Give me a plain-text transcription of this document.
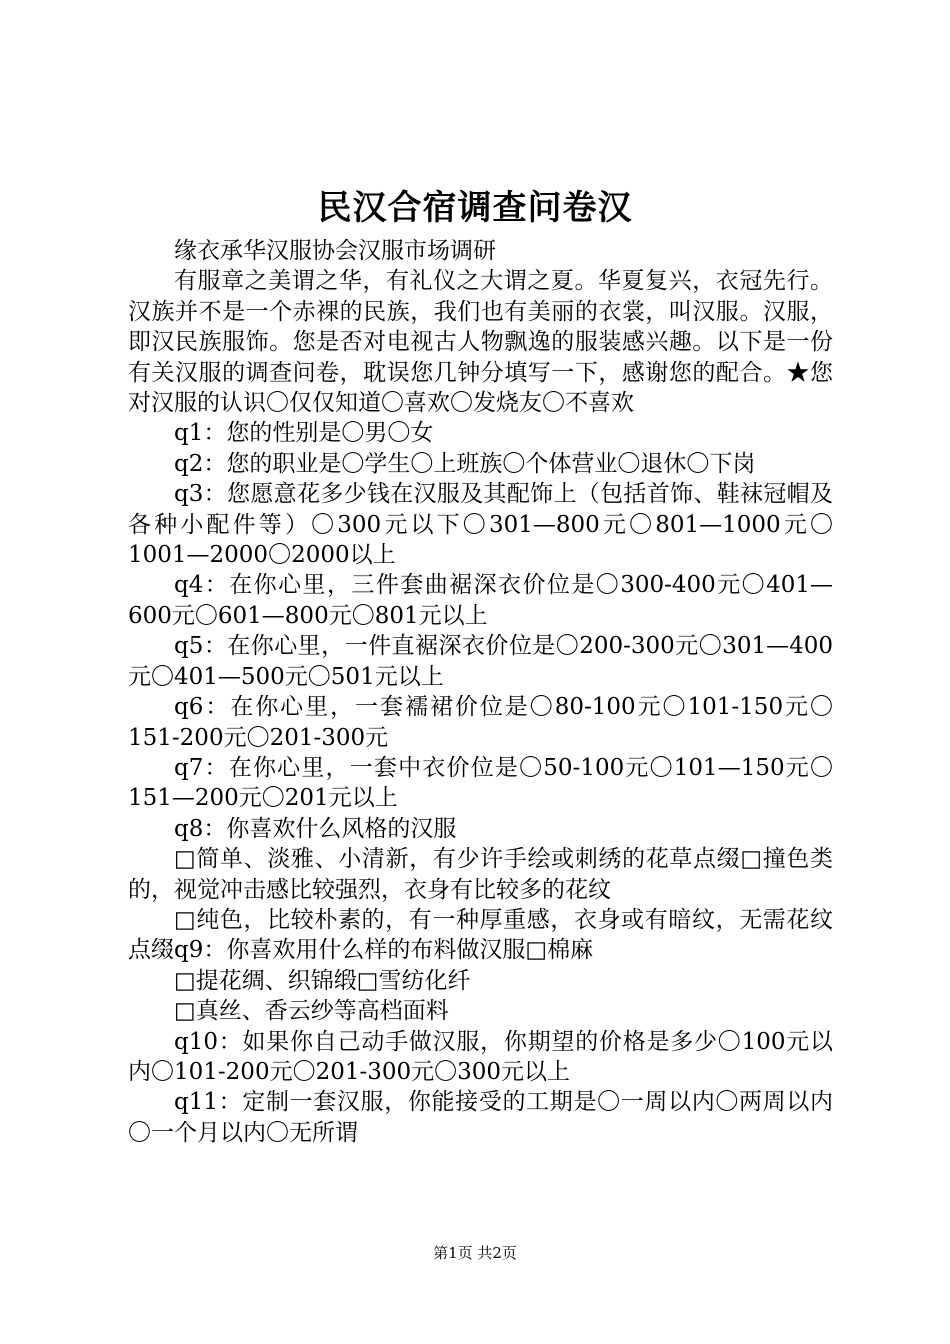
民汉合宿调查问卷汉

缘衣承华汉服协会汉服市场调研

有服章之美谓之华，有礼仪之大谓之夏。华夏复兴，衣冠先行。汉族并不是一个赤裸的民族，我们也有美丽的衣裳，叫汉服。汉服，即汉民族服饰。您是否对电视古人物飘逸的服装感兴趣。以下是一份有关汉服的调查问卷，耽误您几钟分填写一下，感谢您的配合。★您对汉服的认识〇仅仅知道〇喜欢〇发烧友〇不喜欢

q1：您的性别是〇男〇女

q2：您的职业是〇学生〇上班族〇个体营业〇退休〇下岗

q3：您愿意花多少钱在汉服及其配饰上（包括首饰、鞋袜冠帽及各种小配件等）〇300元以下〇301—800元〇801—1000元〇1001—2000〇2000以上

q4：在你心里，三件套曲裾深衣价位是〇300-400元〇401—600元〇601—800元〇801元以上

q5：在你心里，一件直裾深衣价位是〇200-300元〇301—400元〇401—500元〇501元以上

q6：在你心里，一套襦裙价位是〇80-100元〇101-150元〇151-200元〇201-300元

q7：在你心里，一套中衣价位是〇50-100元〇101—150元〇151—200元〇201元以上

q8：你喜欢什么风格的汉服

□简单、淡雅、小清新，有少许手绘或刺绣的花草点缀□撞色类的，视觉冲击感比较强烈，衣身有比较多的花纹

□纯色，比较朴素的，有一种厚重感，衣身或有暗纹，无需花纹点缀q9：你喜欢用什么样的布料做汉服□棉麻

□提花绸、织锦缎□雪纺化纤

□真丝、香云纱等高档面料

q10：如果你自己动手做汉服，你期望的价格是多少〇100元以内〇101-200元〇201-300元〇300元以上

q11：定制一套汉服，你能接受的工期是〇一周以内〇两周以内〇一个月以内〇无所谓

第1页 共2页
